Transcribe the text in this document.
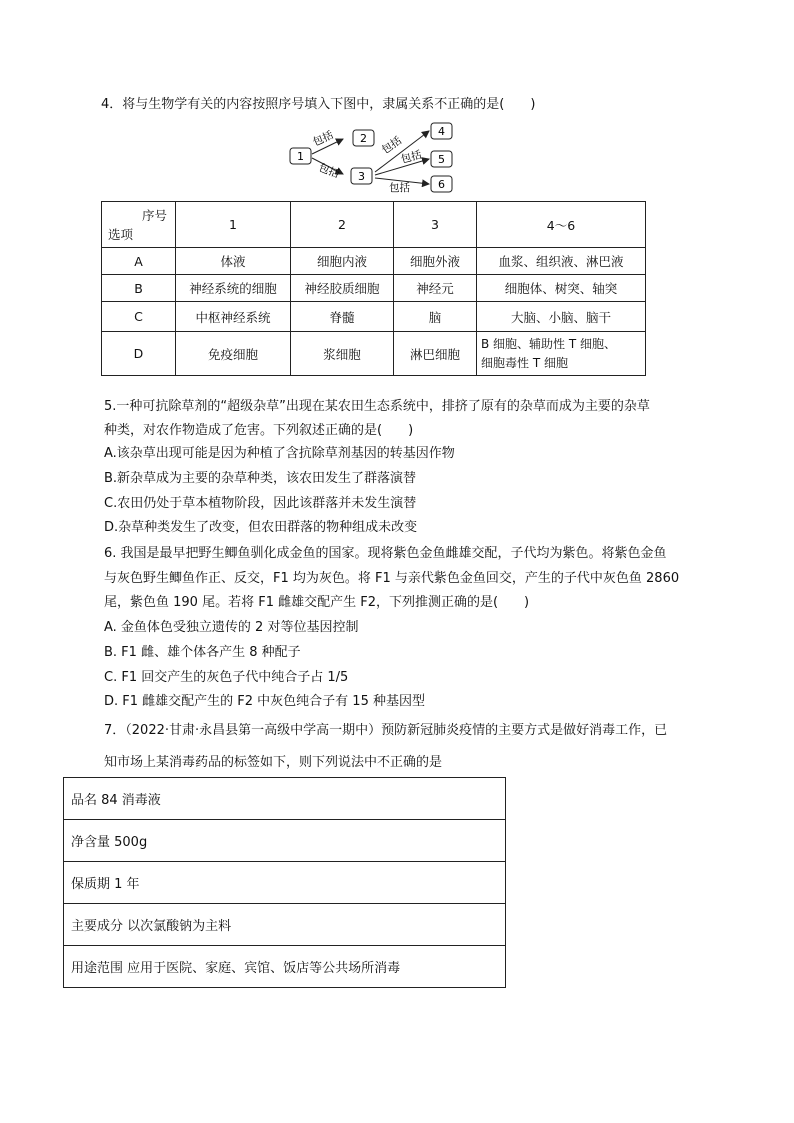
4．将与生物学有关的内容按照序号填入下图中，隶属关系不正确的是(　　)
1
2
3
4
5
6
包括
包括
包括
包括
包括
序号
选项	1	2	3	4～6
A	体液	细胞内液	细胞外液	血浆、组织液、淋巴液
B	神经系统的细胞	神经胶质细胞	神经元	细胞体、树突、轴突
C	中枢神经系统	脊髓	脑	大脑、小脑、脑干
D	免疫细胞	浆细胞	淋巴细胞	B 细胞、辅助性 T 细胞、
细胞毒性 T 细胞
5.一种可抗除草剂的“超级杂草”出现在某农田生态系统中，排挤了原有的杂草而成为主要的杂草
种类，对农作物造成了危害。下列叙述正确的是(　　)
A.该杂草出现可能是因为种植了含抗除草剂基因的转基因作物
B.新杂草成为主要的杂草种类，该农田发生了群落演替
C.农田仍处于草本植物阶段，因此该群落并未发生演替
D.杂草种类发生了改变，但农田群落的物种组成未改变
6. 我国是最早把野生鲫鱼驯化成金鱼的国家。现将紫色金鱼雌雄交配，子代均为紫色。将紫色金鱼
与灰色野生鲫鱼作正、反交，F1 均为灰色。将 F1 与亲代紫色金鱼回交，产生的子代中灰色鱼 2860
尾，紫色鱼 190 尾。若将 F1 雌雄交配产生 F2，下列推测正确的是(　　)
A. 金鱼体色受独立遗传的 2 对等位基因控制
B. F1 雌、雄个体各产生 8 种配子
C. F1 回交产生的灰色子代中纯合子占 1/5
D. F1 雌雄交配产生的 F2 中灰色纯合子有 15 种基因型
7．（2022·甘肃·永昌县第一高级中学高一期中）预防新冠肺炎疫情的主要方式是做好消毒工作，已
知市场上某消毒药品的标签如下，则下列说法中不正确的是
品名 84 消毒液
净含量 500g
保质期 1 年
主要成分 以次氯酸钠为主料
用途范围 应用于医院、家庭、宾馆、饭店等公共场所消毒
